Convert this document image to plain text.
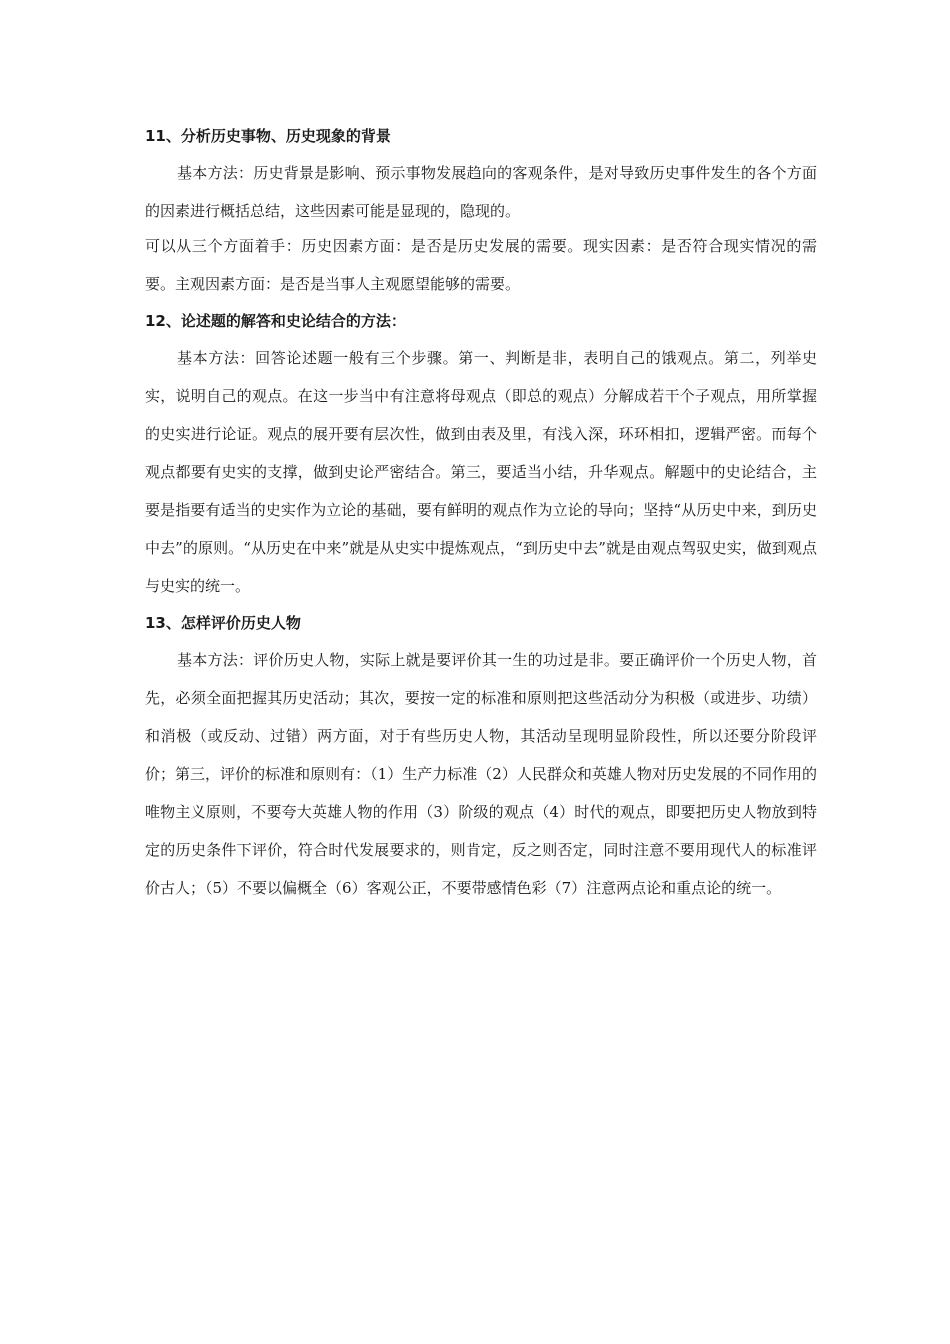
11、分析历史事物、历史现象的背景

基本方法：历史背景是影响、预示事物发展趋向的客观条件，是对导致历史事件发生的各个方面的因素进行概括总结，这些因素可能是显现的，隐现的。

可以从三个方面着手：历史因素方面：是否是历史发展的需要。现实因素：是否符合现实情况的需要。主观因素方面：是否是当事人主观愿望能够的需要。

12、论述题的解答和史论结合的方法：

基本方法：回答论述题一般有三个步骤。第一、判断是非，表明自己的饿观点。第二，列举史实，说明自己的观点。在这一步当中有注意将母观点（即总的观点）分解成若干个子观点，用所掌握的史实进行论证。观点的展开要有层次性，做到由表及里，有浅入深，环环相扣，逻辑严密。而每个观点都要有史实的支撑，做到史论严密结合。第三，要适当小结，升华观点。解题中的史论结合，主要是指要有适当的史实作为立论的基础，要有鲜明的观点作为立论的导向；坚持“从历史中来，到历史中去”的原则。“从历史在中来”就是从史实中提炼观点，“到历史中去”就是由观点驾驭史实，做到观点与史实的统一。

13、怎样评价历史人物

基本方法：评价历史人物，实际上就是要评价其一生的功过是非。要正确评价一个历史人物，首先，必须全面把握其历史活动；其次，要按一定的标准和原则把这些活动分为积极（或进步、功绩）和消极（或反动、过错）两方面，对于有些历史人物，其活动呈现明显阶段性，所以还要分阶段评价；第三，评价的标准和原则有：（1）生产力标准（2）人民群众和英雄人物对历史发展的不同作用的唯物主义原则，不要夸大英雄人物的作用（3）阶级的观点（4）时代的观点，即要把历史人物放到特定的历史条件下评价，符合时代发展要求的，则肯定，反之则否定，同时注意不要用现代人的标准评价古人；（5）不要以偏概全（6）客观公正，不要带感情色彩（7）注意两点论和重点论的统一。
